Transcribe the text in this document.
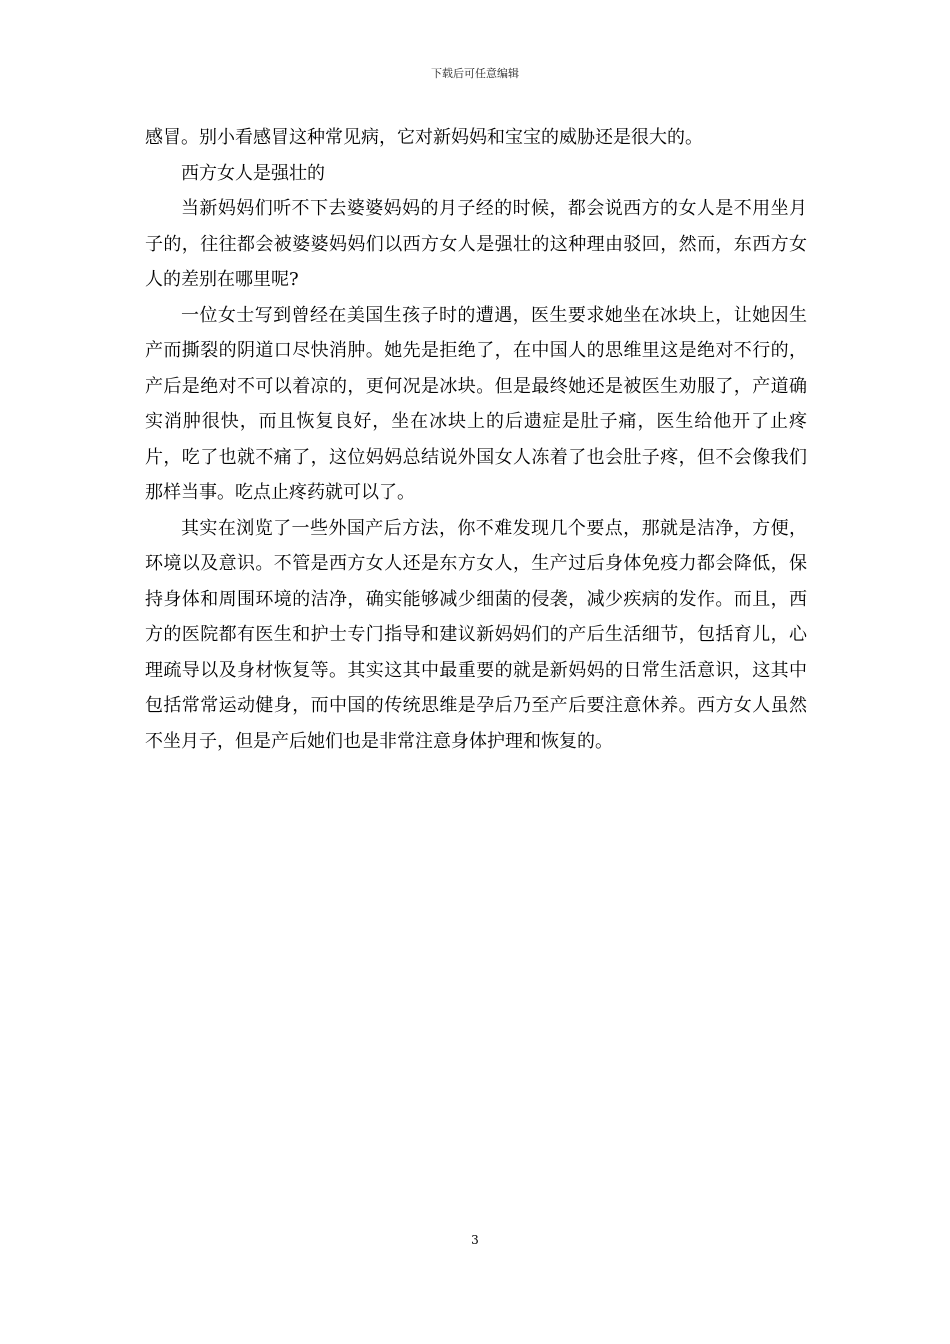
下载后可任意编辑

感冒。别小看感冒这种常见病，它对新妈妈和宝宝的威胁还是很大的。

西方女人是强壮的

当新妈妈们听不下去婆婆妈妈的月子经的时候，都会说西方的女人是不用坐月子的，往往都会被婆婆妈妈们以西方女人是强壮的这种理由驳回，然而，东西方女人的差别在哪里呢?

一位女士写到曾经在美国生孩子时的遭遇，医生要求她坐在冰块上，让她因生产而撕裂的阴道口尽快消肿。她先是拒绝了，在中国人的思维里这是绝对不行的，产后是绝对不可以着凉的，更何况是冰块。但是最终她还是被医生劝服了，产道确实消肿很快，而且恢复良好，坐在冰块上的后遗症是肚子痛，医生给他开了止疼片，吃了也就不痛了，这位妈妈总结说外国女人冻着了也会肚子疼，但不会像我们那样当事。吃点止疼药就可以了。

其实在浏览了一些外国产后方法，你不难发现几个要点，那就是洁净，方便，环境以及意识。不管是西方女人还是东方女人，生产过后身体免疫力都会降低，保持身体和周围环境的洁净，确实能够减少细菌的侵袭，减少疾病的发作。而且，西方的医院都有医生和护士专门指导和建议新妈妈们的产后生活细节，包括育儿，心理疏导以及身材恢复等。其实这其中最重要的就是新妈妈的日常生活意识，这其中包括常常运动健身，而中国的传统思维是孕后乃至产后要注意休养。西方女人虽然不坐月子，但是产后她们也是非常注意身体护理和恢复的。

3
